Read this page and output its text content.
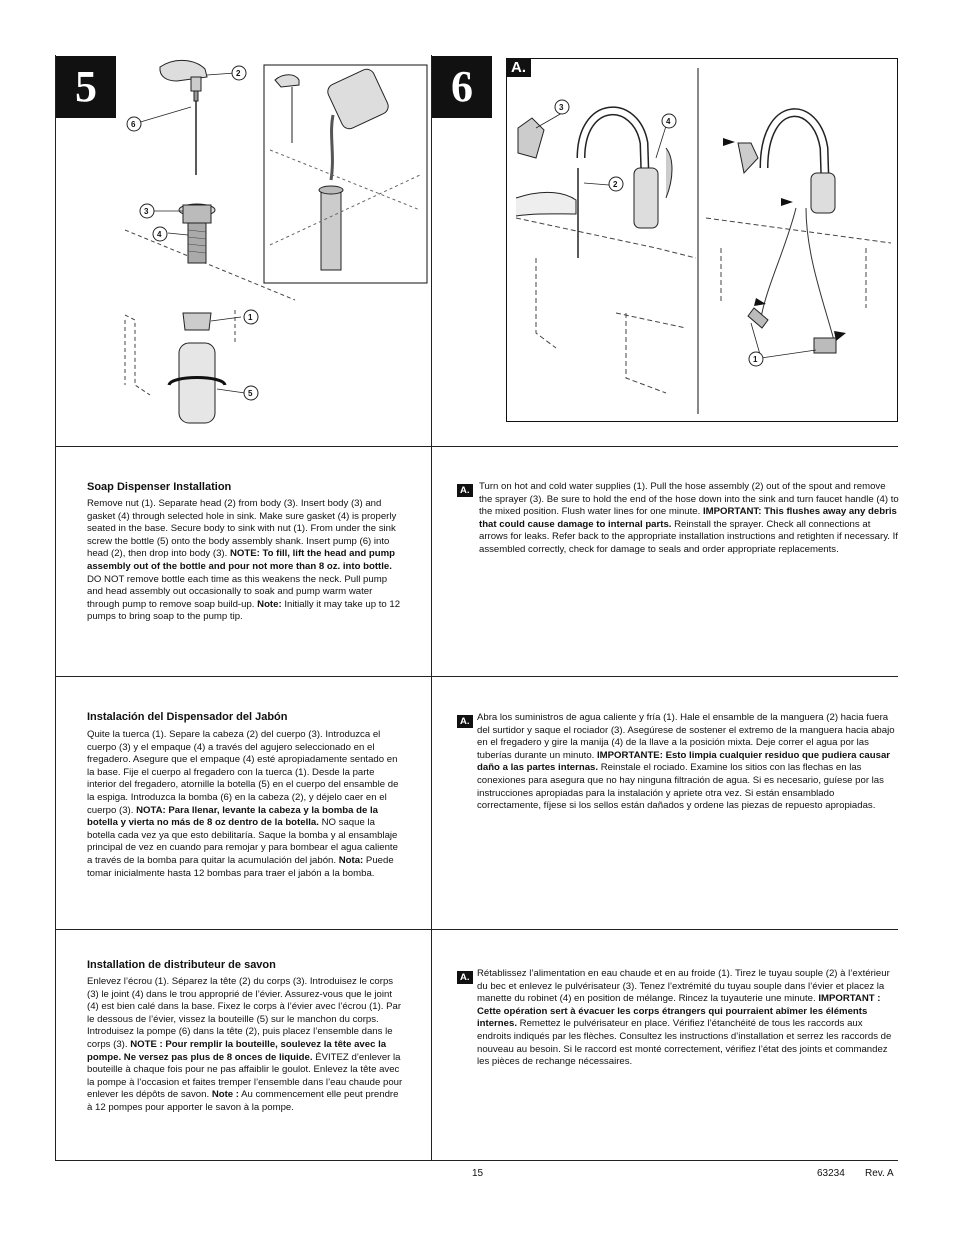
5	2
6
3
4
1
5
6	A.
3
4
2
1
Soap Dispenser Installation
Remove nut (1). Separate head (2) from body (3). Insert body (3) and gasket (4) through selected hole in sink. Make sure gasket (4) is properly seated in the base. Secure body to sink with nut (1). From under the sink screw the bottle (5) onto the body assembly shank. Insert pump (6) into head (2), then drop into body (3). NOTE: To fill, lift the head and pump assembly out of the bottle and pour not more than 8 oz. into bottle. DO NOT remove bottle each time as this weakens the neck. Pull pump and head assembly out occasionally to soak and pump warm water through pump to remove soap build-up. Note: Initially it may take up to 12 pumps to bring soap to the pump tip.
A. Turn on hot and cold water supplies (1). Pull the hose assembly (2) out of the spout and remove the sprayer (3). Be sure to hold the end of the hose down into the sink and turn faucet handle (4) to the mixed position. Flush water lines for one minute. IMPORTANT: This flushes away any debris that could cause damage to internal parts. Reinstall the sprayer. Check all connections at arrows for leaks. Refer back to the appropriate installation instructions and retighten if necessary. If assembled correctly, check for damage to seals and order appropriate replacements.
Instalación del Dispensador del Jabón
Quite la tuerca (1). Separe la cabeza (2) del cuerpo (3). Introduzca el cuerpo (3) y el empaque (4) a través del agujero seleccionado en el fregadero. Asegure que el empaque (4) esté apropiadamente sentado en la base. Fije el cuerpo al fregadero con la tuerca (1). Desde la parte interior del fregadero, atornille la botella (5) en el cuerpo del ensamble de la espiga. Introduzca la bomba (6) en la cabeza (2), y déjelo caer en el cuerpo (3). NOTA: Para llenar, levante la cabeza y la bomba de la botella y vierta no más de 8 oz dentro de la botella. NO saque la botella cada vez ya que esto debilitaría. Saque la bomba y al ensamblaje principal de vez en cuando para remojar y para bombear el agua caliente a través de la bomba para quitar la acumulación del jabón. Nota: Puede tomar inicialmente hasta 12 bombas para traer el jabón a la bomba.
A. Abra los suministros de agua caliente y fría (1). Hale el ensamble de la manguera (2) hacia fuera del surtidor y saque el rociador (3). Asegúrese de sostener el extremo de la manguera hacia abajo en el fregadero y gire la manija (4) de la llave a la posición mixta. Deje correr el agua por las tuberías durante un minuto. IMPORTANTE: Esto limpia cualquier residuo que pudiera causar daño a las partes internas. Reinstale el rociado. Examine los sitios con las flechas en las conexiones para asegura que no hay ninguna filtración de agua. Si es necesario, guíese por las instrucciones apropiadas para la instalación y apriete otra vez. Si están ensamblado correctamente, fíjese si los sellos están dañados y ordene las piezas de repuesto apropiadas.
Installation de distributeur de savon
Enlevez l’écrou (1). Séparez la tête (2) du corps (3). Introduisez le corps (3) le joint (4) dans le trou approprié de l’évier. Assurez-vous que le joint (4) est bien calé dans la base. Fixez le corps à l’évier avec l’écrou (1). Par le dessous de l’évier, vissez la bouteille (5) sur le manchon du corps. Introduisez la pompe (6) dans la tête (2), puis placez l’ensemble dans le corps (3). NOTE : Pour remplir la bouteille, soulevez la tête avec la pompe. Ne versez pas plus de 8 onces de liquide. ÉVITEZ d’enlever la bouteille à chaque fois pour ne pas affaiblir le goulot. Enlevez la tête avec la pompe à l’occasion et faites tremper l’ensemble dans l’eau chaude pour enlever les dépôts de savon. Note : Au commencement elle peut prendre à 12 pompes pour apporter le savon à la pompe.
A. Rétablissez l’alimentation en eau chaude et en au froide (1). Tirez le tuyau souple (2) à l’extérieur du bec et enlevez le pulvérisateur (3). Tenez l’extrémité du tuyau souple dans l’évier et placez la manette du robinet (4) en position de mélange. Rincez la tuyauterie une minute. IMPORTANT : Cette opération sert à évacuer les corps étrangers qui pourraient abîmer les éléments internes. Remettez le pulvérisateur en place. Vérifiez l’étanchéité de tous les raccords aux endroits indiqués par les flèches. Consultez les instructions d’installation et serrez les raccords de nouveau au besoin. Si le raccord est monté correctement, vérifiez l’état des joints et commandez les pièces de rechange nécessaires.
15	63234 Rev. A
